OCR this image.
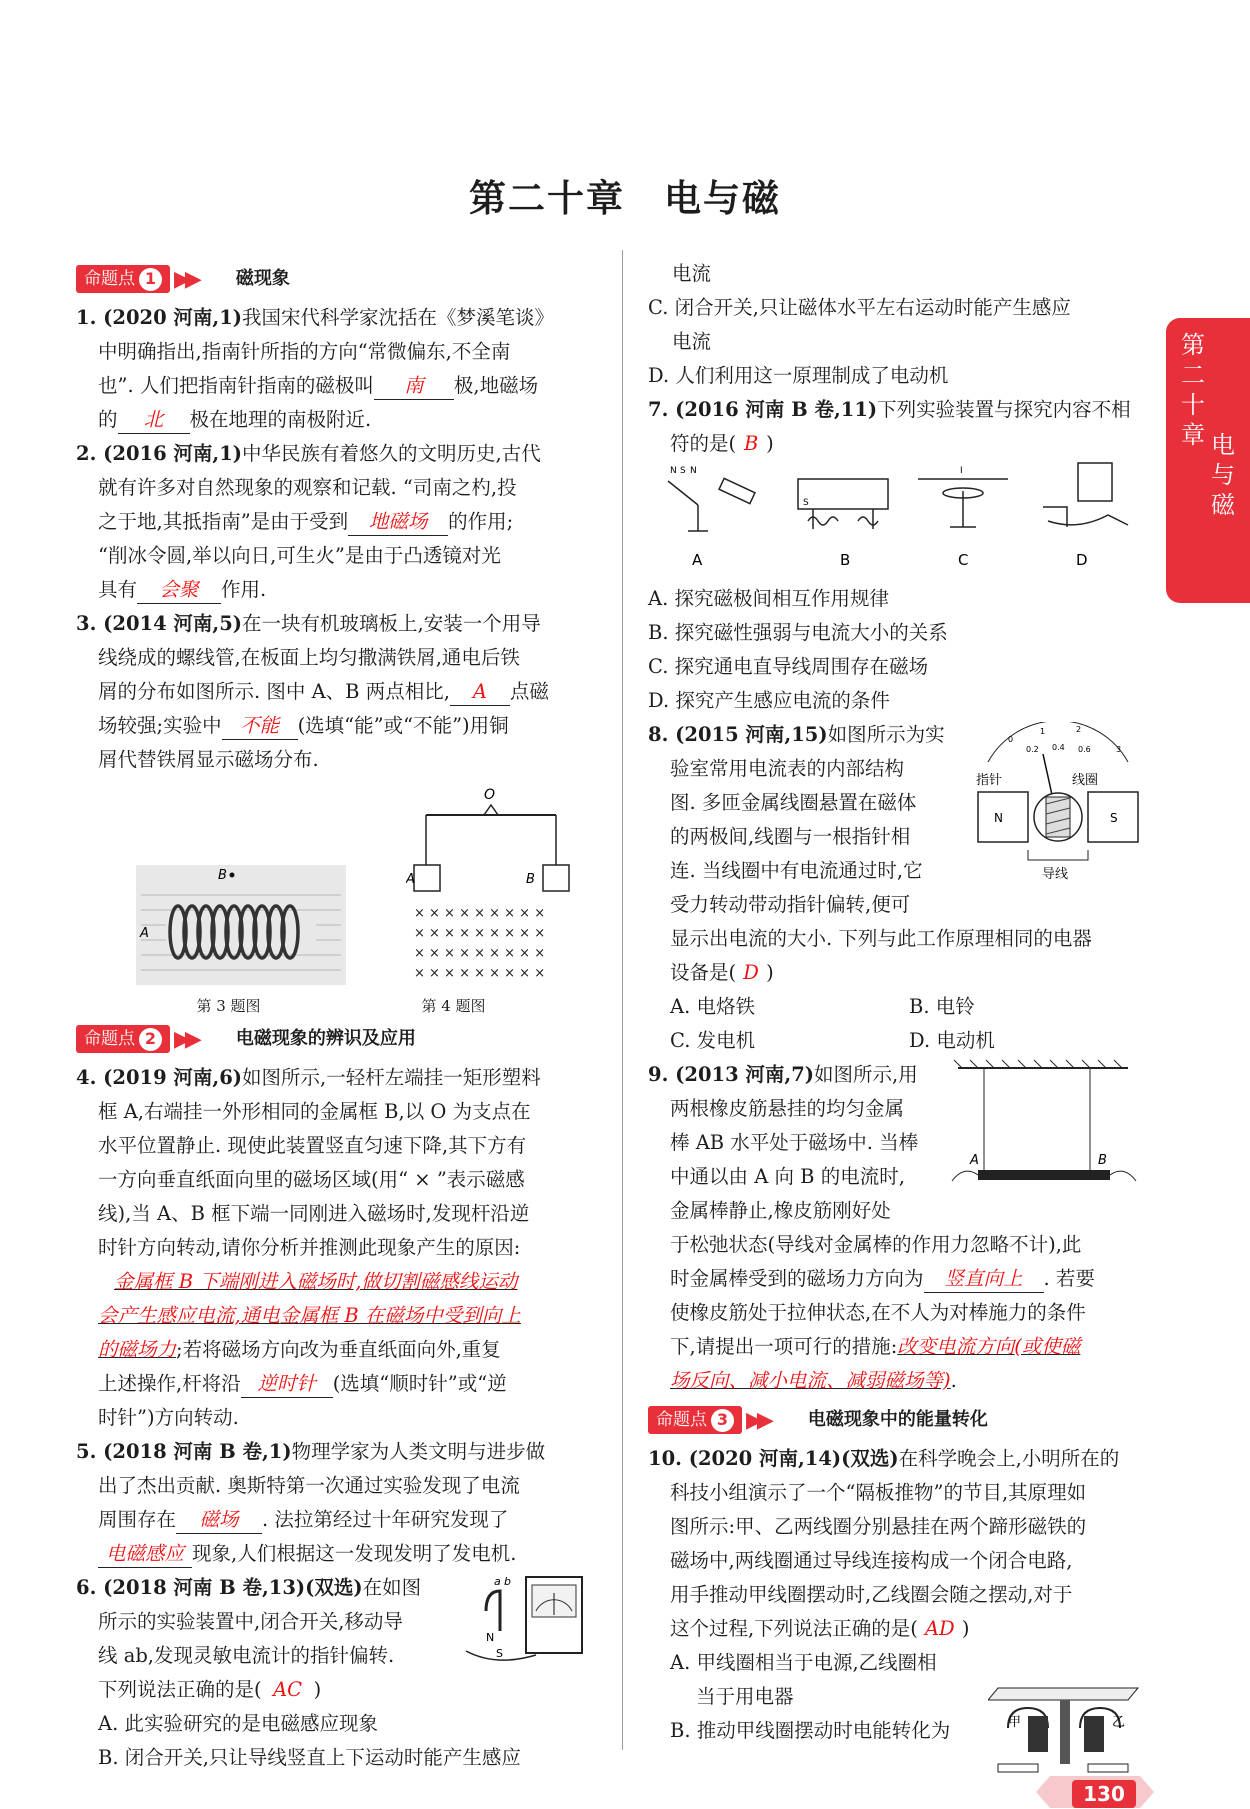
第二十章　电与磁
命题点 1 ▶▶ 磁现象

1. (2020 河南,1)我国宋代科学家沈括在《梦溪笔谈》

中明确指出,指南针所指的方向“常微偏东,不全南

也”. 人们把指南针指南的磁极叫 南 极,地磁场

的 北 极在地理的南极附近.

2. (2016 河南,1)中华民族有着悠久的文明历史,古代

就有许多对自然现象的观察和记载. “司南之杓,投

之于地,其抵指南”是由于受到 地磁场 的作用;

“削冰令圆,举以向日,可生火”是由于凸透镜对光

具有 会聚 作用.

3. (2014 河南,5)在一块有机玻璃板上,安装一个用导

线绕成的螺线管,在板面上均匀撒满铁屑,通电后铁

屑的分布如图所示. 图中 A、B 两点相比, A 点磁

场较强;实验中 不能 (选填“能”或“不能”)用铜

屑代替铁屑显示磁场分布.

B
A
O
A	B
× × × × × × × × ×
× × × × × × × × ×
× × × × × × × × ×
× × × × × × × × ×
第 3 题图	第 4 题图
命题点 2 ▶▶ 电磁现象的辨识及应用

4. (2019 河南,6)如图所示,一轻杆左端挂一矩形塑料

框 A,右端挂一外形相同的金属框 B,以 O 为支点在

水平位置静止. 现使此装置竖直匀速下降,其下方有

一方向垂直纸面向里的磁场区域(用“ × ”表示磁感

线),当 A、B 框下端一同刚进入磁场时,发现杆沿逆

时针方向转动,请你分析并推测此现象产生的原因:

金属框 B 下端刚进入磁场时,做切割磁感线运动

会产生感应电流,通电金属框 B 在磁场中受到向上

的磁场力;若将磁场方向改为垂直纸面向外,重复

上述操作,杆将沿 逆时针 (选填“顺时针”或“逆

时针”)方向转动.

5. (2018 河南 B 卷,1)物理学家为人类文明与进步做

出了杰出贡献. 奥斯特第一次通过实验发现了电流

周围存在 磁场 . 法拉第经过十年研究发现了

电磁感应 现象,人们根据这一发现发明了发电机.

6. (2018 河南 B 卷,13)(双选)在如图

所示的实验装置中,闭合开关,移动导

线 ab,发现灵敏电流计的指针偏转.

下列说法正确的是( AC )

A. 此实验研究的是电磁感应现象

B. 闭合开关,只让导线竖直上下运动时能产生感应

a b
N
S

电流

C. 闭合开关,只让磁体水平左右运动时能产生感应

电流

D. 人们利用这一原理制成了电动机

7. (2016 河南 B 卷,11)下列实验装置与探究内容不相

符的是( B )

N S N
S
I
A	B	C	D

A. 探究磁极间相互作用规律

B. 探究磁性强弱与电流大小的关系

C. 探究通电直导线周围存在磁场

D. 探究产生感应电流的条件

8. (2015 河南,15)如图所示为实

验室常用电流表的内部结构

图. 多匝金属线圈悬置在磁体

的两极间,线圈与一根指针相

连. 当线圈中有电流通过时,它

受力转动带动指针偏转,便可

显示出电流的大小. 下列与此工作原理相同的电器

设备是( D )

A. 电烙铁	B. 电铃

C. 发电机	D. 电动机

0
0.2 0.4 0.6
1	2
3
N	S
指针	线圈
导线

9. (2013 河南,7)如图所示,用

两根橡皮筋悬挂的均匀金属

棒 AB 水平处于磁场中. 当棒

中通以由 A 向 B 的电流时,

金属棒静止,橡皮筋刚好处

于松弛状态(导线对金属棒的作用力忽略不计),此

时金属棒受到的磁场力方向为 竖直向上 . 若要

使橡皮筋处于拉伸状态,在不人为对棒施力的条件

下,请提出一项可行的措施:改变电流方向(或使磁

场反向、减小电流、减弱磁场等).

A	B
命题点 3 ▶▶ 电磁现象中的能量转化

10. (2020 河南,14)(双选)在科学晚会上,小明所在的

科技小组演示了一个“隔板推物”的节目,其原理如

图所示:甲、乙两线圈分别悬挂在两个蹄形磁铁的

磁场中,两线圈通过导线连接构成一个闭合电路,

用手推动甲线圈摆动时,乙线圈会随之摆动,对于

这个过程,下列说法正确的是( AD )

A. 甲线圈相当于电源,乙线圈相

当于用电器

B. 推动甲线圈摆动时电能转化为	甲	乙
第
二
十
章 电
与
磁
130
